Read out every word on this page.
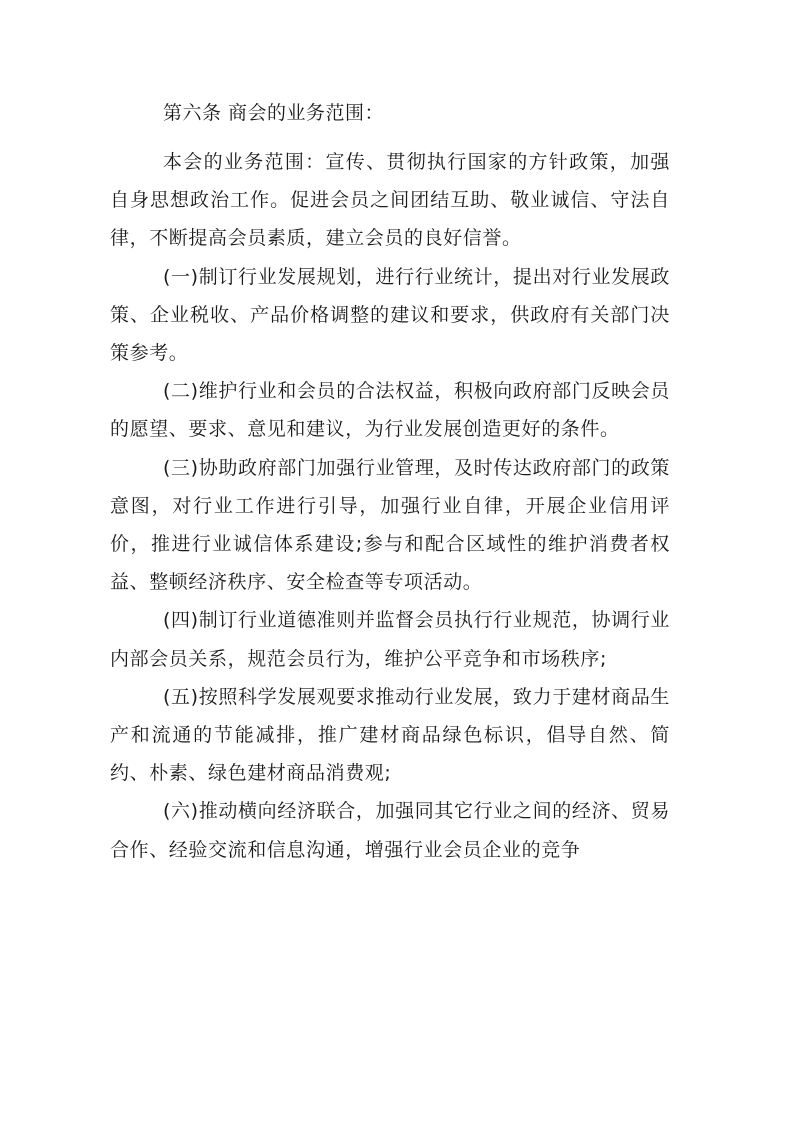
第六条 商会的业务范围：

本会的业务范围：宣传、贯彻执行国家的方针政策，加强自身思想政治工作。促进会员之间团结互助、敬业诚信、守法自律，不断提高会员素质，建立会员的良好信誉。

(一)制订行业发展规划，进行行业统计，提出对行业发展政策、企业税收、产品价格调整的建议和要求，供政府有关部门决策参考。

(二)维护行业和会员的合法权益，积极向政府部门反映会员的愿望、要求、意见和建议，为行业发展创造更好的条件。

(三)协助政府部门加强行业管理，及时传达政府部门的政策意图，对行业工作进行引导，加强行业自律，开展企业信用评价，推进行业诚信体系建设;参与和配合区域性的维护消费者权益、整顿经济秩序、安全检查等专项活动。

(四)制订行业道德准则并监督会员执行行业规范，协调行业内部会员关系，规范会员行为，维护公平竞争和市场秩序;

(五)按照科学发展观要求推动行业发展，致力于建材商品生产和流通的节能减排，推广建材商品绿色标识，倡导自然、简约、朴素、绿色建材商品消费观;

(六)推动横向经济联合，加强同其它行业之间的经济、贸易合作、经验交流和信息沟通，增强行业会员企业的竞争
